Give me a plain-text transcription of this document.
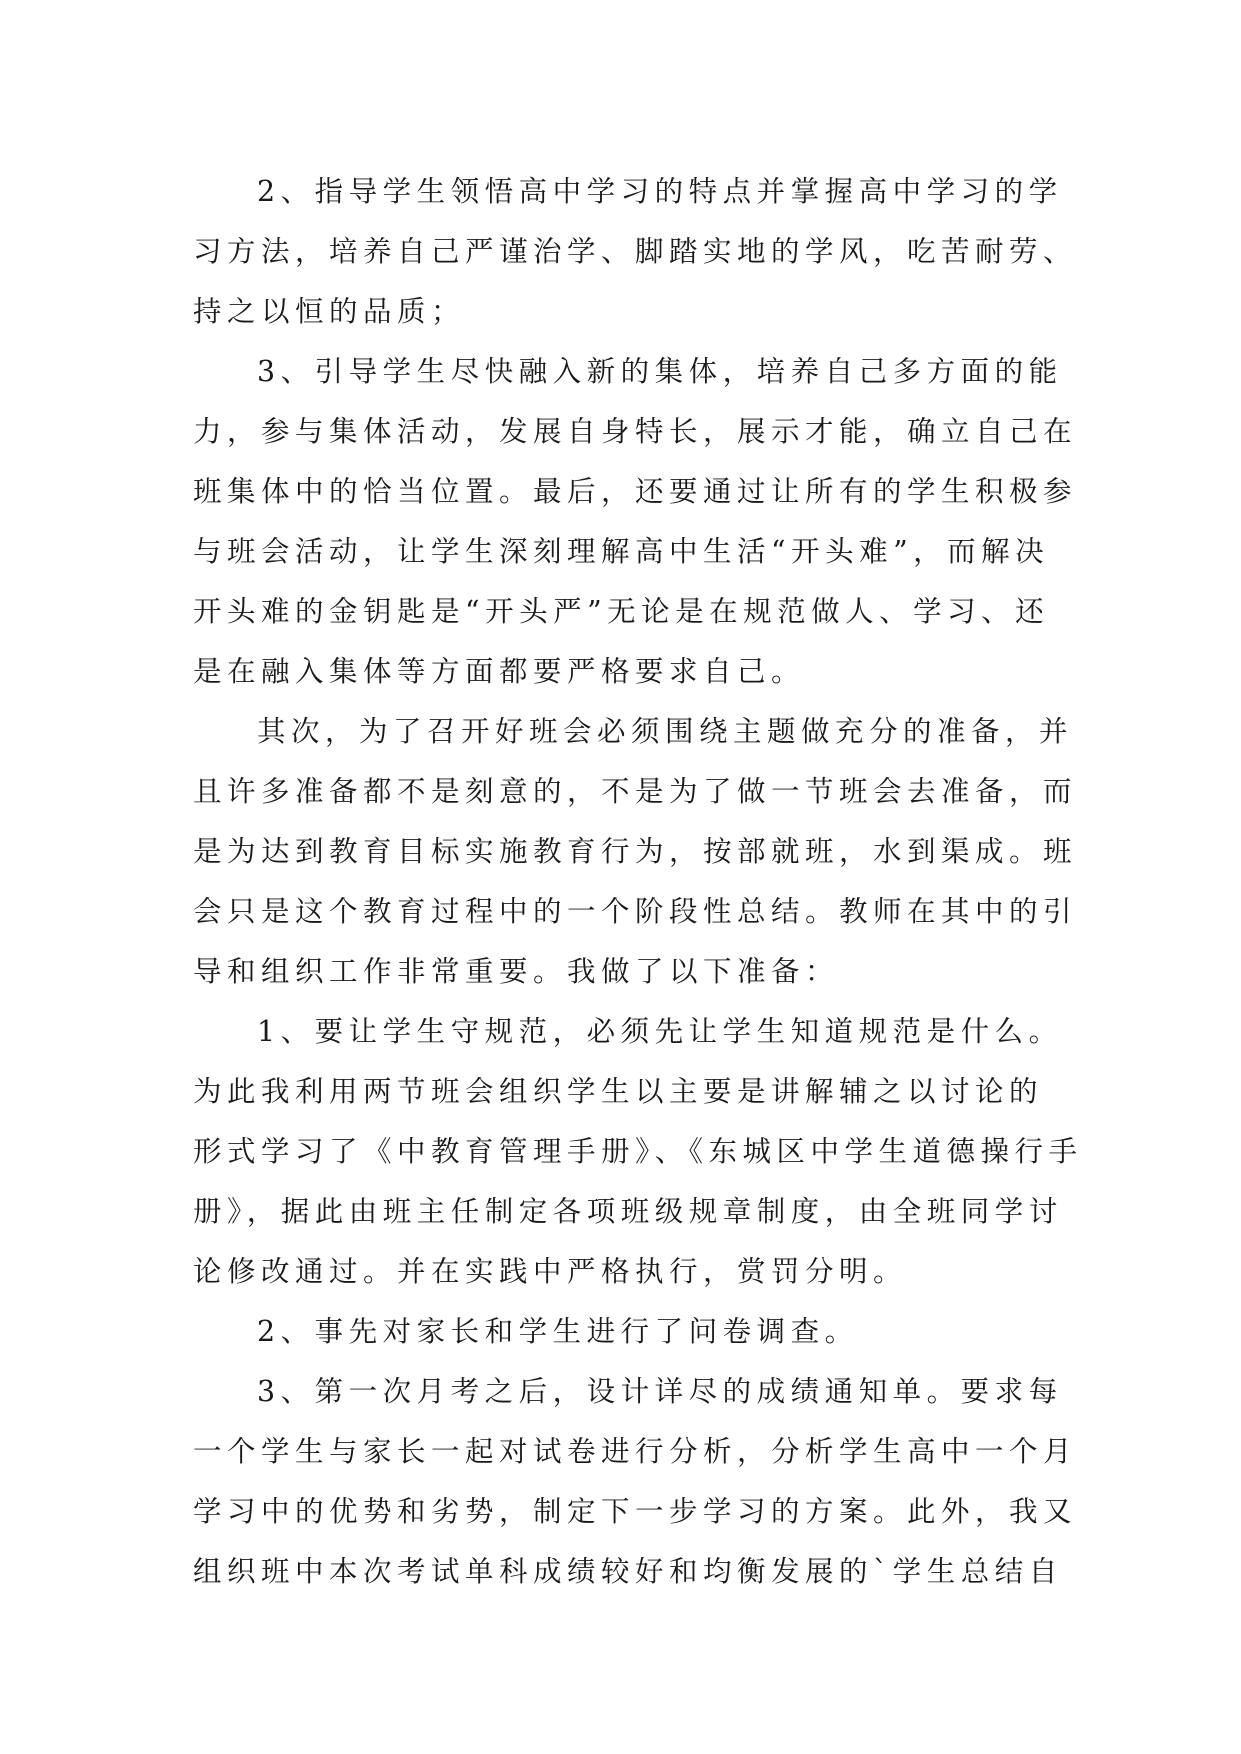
2、指导学生领悟高中学习的特点并掌握高中学习的学
习方法，培养自己严谨治学、脚踏实地的学风，吃苦耐劳、
持之以恒的品质；
3、引导学生尽快融入新的集体，培养自己多方面的能
力，参与集体活动，发展自身特长，展示才能，确立自己在
班集体中的恰当位置。最后，还要通过让所有的学生积极参
与班会活动，让学生深刻理解高中生活“开头难”，而解决
开头难的金钥匙是“开头严”无论是在规范做人、学习、还
是在融入集体等方面都要严格要求自己。
其次，为了召开好班会必须围绕主题做充分的准备，并
且许多准备都不是刻意的，不是为了做一节班会去准备，而
是为达到教育目标实施教育行为，按部就班，水到渠成。班
会只是这个教育过程中的一个阶段性总结。教师在其中的引
导和组织工作非常重要。我做了以下准备：
1、要让学生守规范，必须先让学生知道规范是什么。
为此我利用两节班会组织学生以主要是讲解辅之以讨论的
形式学习了《中教育管理手册》、《东城区中学生道德操行手
册》，据此由班主任制定各项班级规章制度，由全班同学讨
论修改通过。并在实践中严格执行，赏罚分明。
2、事先对家长和学生进行了问卷调查。
3、第一次月考之后，设计详尽的成绩通知单。要求每
一个学生与家长一起对试卷进行分析，分析学生高中一个月
学习中的优势和劣势，制定下一步学习的方案。此外，我又
组织班中本次考试单科成绩较好和均衡发展的`学生总结自
